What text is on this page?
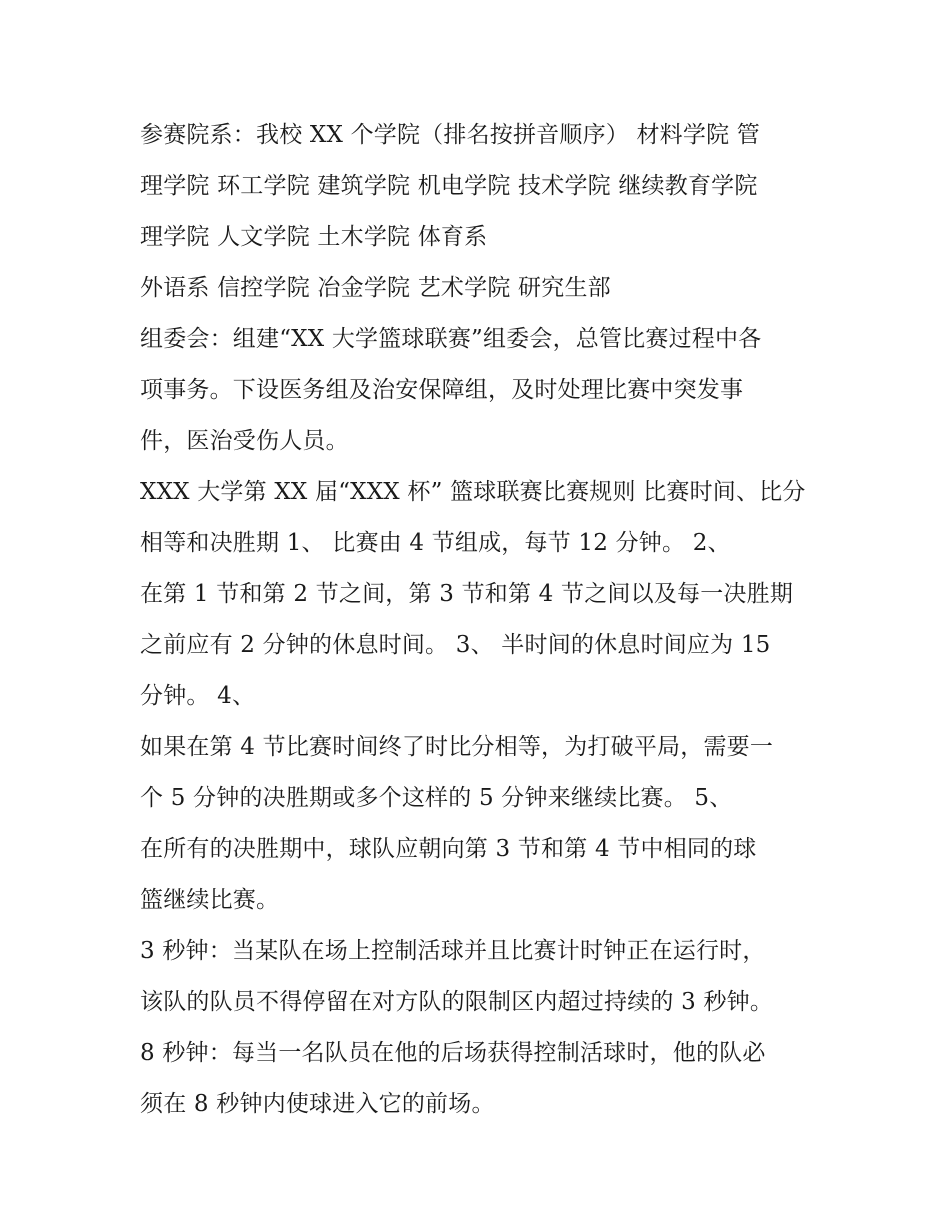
参赛院系：我校 XX 个学院（排名按拼音顺序） 材料学院 管
理学院 环工学院 建筑学院 机电学院 技术学院 继续教育学院
理学院 人文学院 土木学院 体育系
外语系 信控学院 冶金学院 艺术学院 研究生部
组委会：组建“XX 大学篮球联赛”组委会，总管比赛过程中各
项事务。下设医务组及治安保障组，及时处理比赛中突发事
件，医治受伤人员。
XXX 大学第 XX 届“XXX 杯” 篮球联赛比赛规则 比赛时间、比分
相等和决胜期 1、 比赛由 4 节组成，每节 12 分钟。 2、
在第 1 节和第 2 节之间，第 3 节和第 4 节之间以及每一决胜期
之前应有 2 分钟的休息时间。 3、 半时间的休息时间应为 15
分钟。 4、
如果在第 4 节比赛时间终了时比分相等，为打破平局，需要一
个 5 分钟的决胜期或多个这样的 5 分钟来继续比赛。 5、
在所有的决胜期中，球队应朝向第 3 节和第 4 节中相同的球
篮继续比赛。
3 秒钟：当某队在场上控制活球并且比赛计时钟正在运行时，
该队的队员不得停留在对方队的限制区内超过持续的 3 秒钟。
8 秒钟：每当一名队员在他的后场获得控制活球时，他的队必
须在 8 秒钟内使球进入它的前场。
